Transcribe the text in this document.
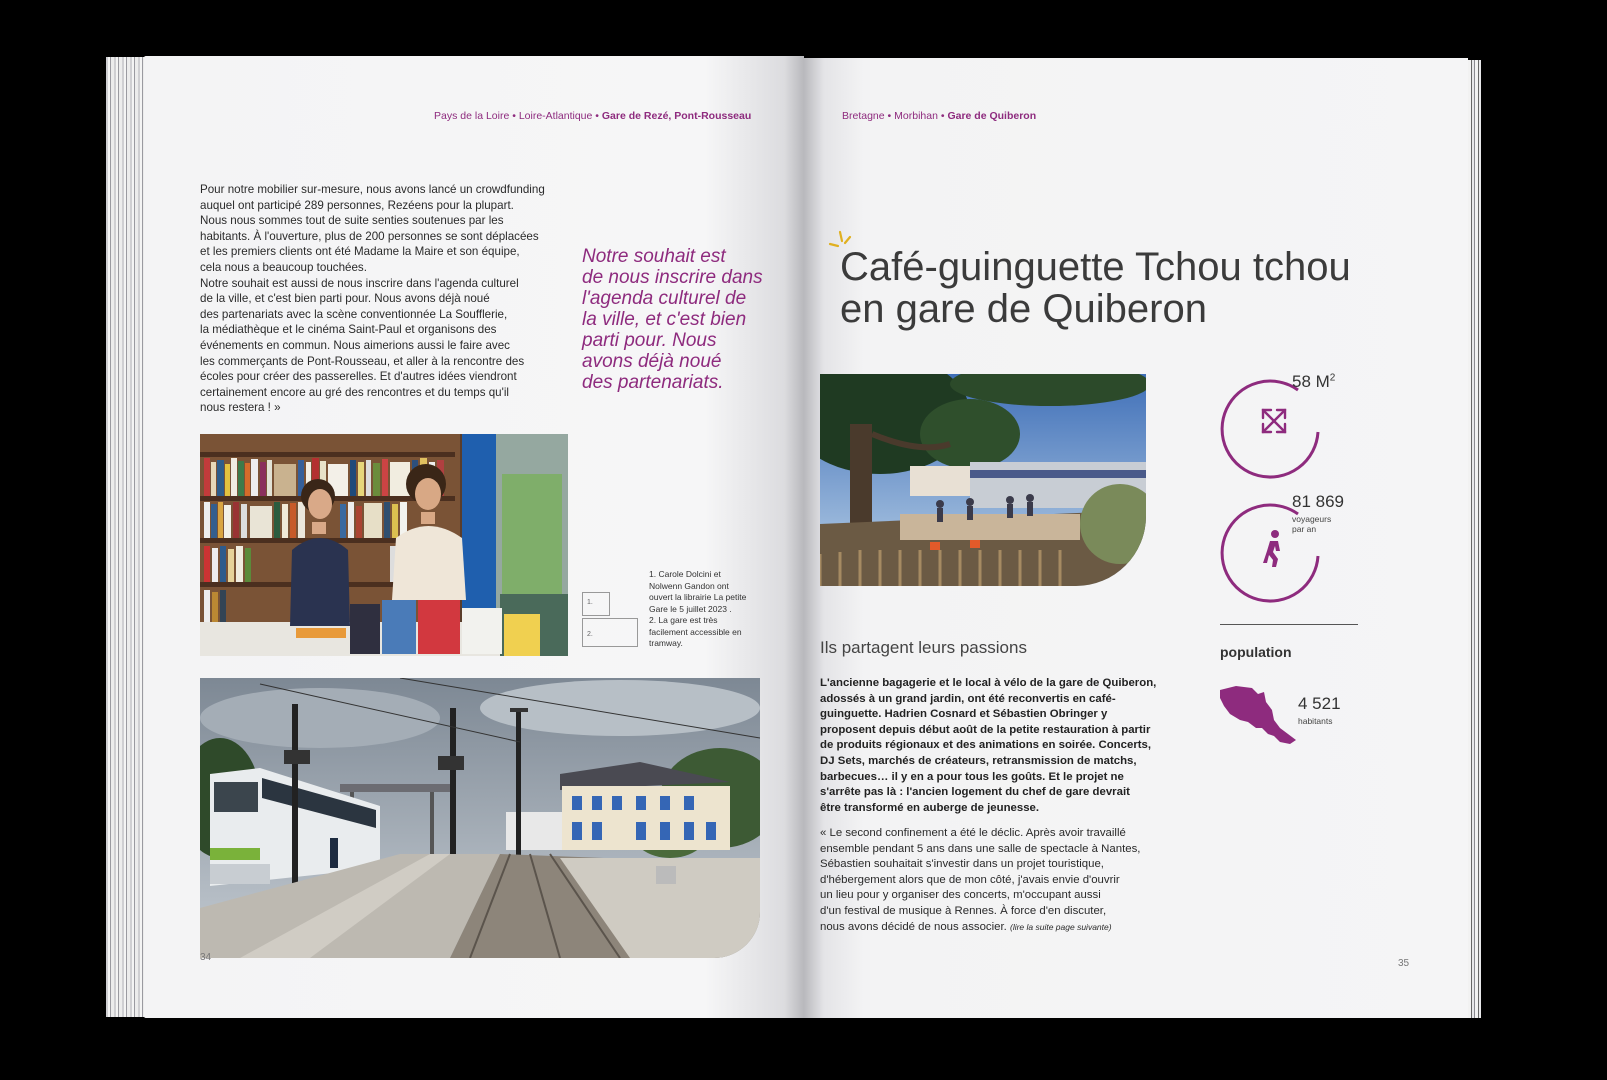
Pays de la Loire • Loire-Atlantique • Gare de Rezé, Pont-Rousseau
Pour notre mobilier sur-mesure, nous avons lancé un crowdfunding
auquel ont participé 289 personnes, Rezéens pour la plupart.
Nous nous sommes tout de suite senties soutenues par les
habitants. À l'ouverture, plus de 200 personnes se sont déplacées
et les premiers clients ont été Madame la Maire et son équipe,
cela nous a beaucoup touchées.
Notre souhait est aussi de nous inscrire dans l'agenda culturel
de la ville, et c'est bien parti pour. Nous avons déjà noué
des partenariats avec la scène conventionnée La Soufflerie,
la médiathèque et le cinéma Saint-Paul et organisons des
événements en commun. Nous aimerions aussi le faire avec
les commerçants de Pont-Rousseau, et aller à la rencontre des
écoles pour créer des passerelles. Et d'autres idées viendront
certainement encore au gré des rencontres et du temps qu'il
nous restera ! »
Notre souhait est
de nous inscrire dans
l'agenda culturel de
la ville, et c'est bien
parti pour. Nous
avons déjà noué
des partenariats.
1.
2.
1. Carole Dolcini et
Nolwenn Gandon ont
ouvert la librairie La petite
Gare le 5 juillet 2023 .
2. La gare est très
facilement accessible en
tramway.
34
Bretagne • Morbihan • Gare de Quiberon
Café-guinguette Tchou tchou
en gare de Quiberon
58 $M^2$
81 869
voyageurs
par an
population
4 521
habitants
Ils partagent leurs passions
L'ancienne bagagerie et le local à vélo de la gare de Quiberon,
adossés à un grand jardin, ont été reconvertis en café-
guinguette. Hadrien Cosnard et Sébastien Obringer y
proposent depuis début août de la petite restauration à partir
de produits régionaux et des animations en soirée. Concerts,
DJ Sets, marchés de créateurs, retransmission de matchs,
barbecues… il y en a pour tous les goûts. Et le projet ne
s'arrête pas là : l'ancien logement du chef de gare devrait
être transformé en auberge de jeunesse.
« Le second confinement a été le déclic. Après avoir travaillé
ensemble pendant 5 ans dans une salle de spectacle à Nantes,
Sébastien souhaitait s'investir dans un projet touristique,
d'hébergement alors que de mon côté, j'avais envie d'ouvrir
un lieu pour y organiser des concerts, m'occupant aussi
d'un festival de musique à Rennes. À force d'en discuter,
nous avons décidé de nous associer. (lire la suite page suivante)
35
